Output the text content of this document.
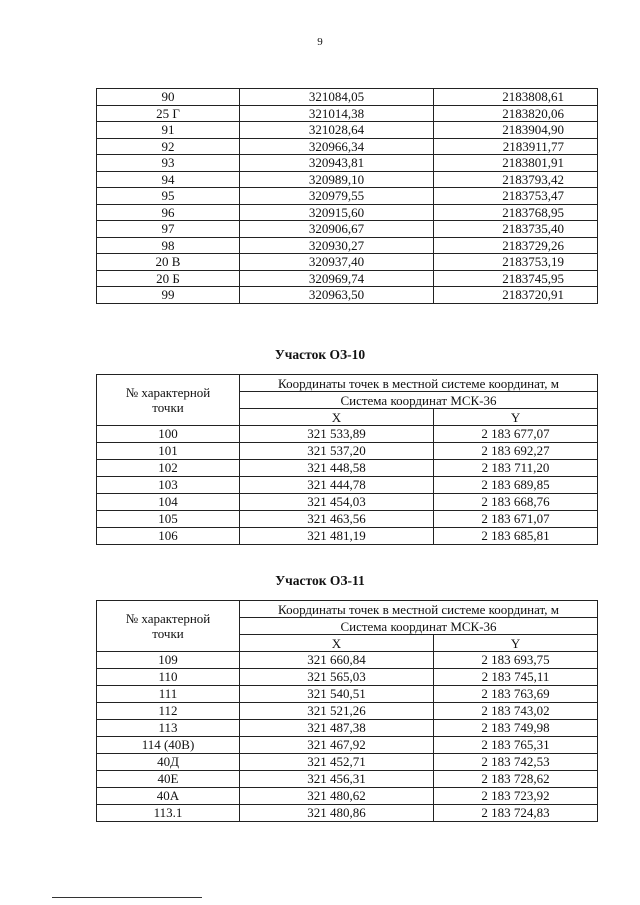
9
90	321084,05	2183808,61
25 Г	321014,38	2183820,06
91	321028,64	2183904,90
92	320966,34	2183911,77
93	320943,81	2183801,91
94	320989,10	2183793,42
95	320979,55	2183753,47
96	320915,60	2183768,95
97	320906,67	2183735,40
98	320930,27	2183729,26
20 В	320937,40	2183753,19
20 Б	320969,74	2183745,95
99	320963,50	2183720,91
Участок ОЗ-10
№ характерной
точки	Координаты точек в местной системе координат, м	
	Система координат МСК-36	
	X	Y
100	321 533,89	2 183 677,07
101	321 537,20	2 183 692,27
102	321 448,58	2 183 711,20
103	321 444,78	2 183 689,85
104	321 454,03	2 183 668,76
105	321 463,56	2 183 671,07
106	321 481,19	2 183 685,81
Участок ОЗ-11
№ характерной
точки	Координаты точек в местной системе координат, м	
	Система координат МСК-36	
	X	Y
109	321 660,84	2 183 693,75
110	321 565,03	2 183 745,11
111	321 540,51	2 183 763,69
112	321 521,26	2 183 743,02
113	321 487,38	2 183 749,98
114 (40В)	321 467,92	2 183 765,31
40Д	321 452,71	2 183 742,53
40Е	321 456,31	2 183 728,62
40А	321 480,62	2 183 723,92
113.1	321 480,86	2 183 724,83
